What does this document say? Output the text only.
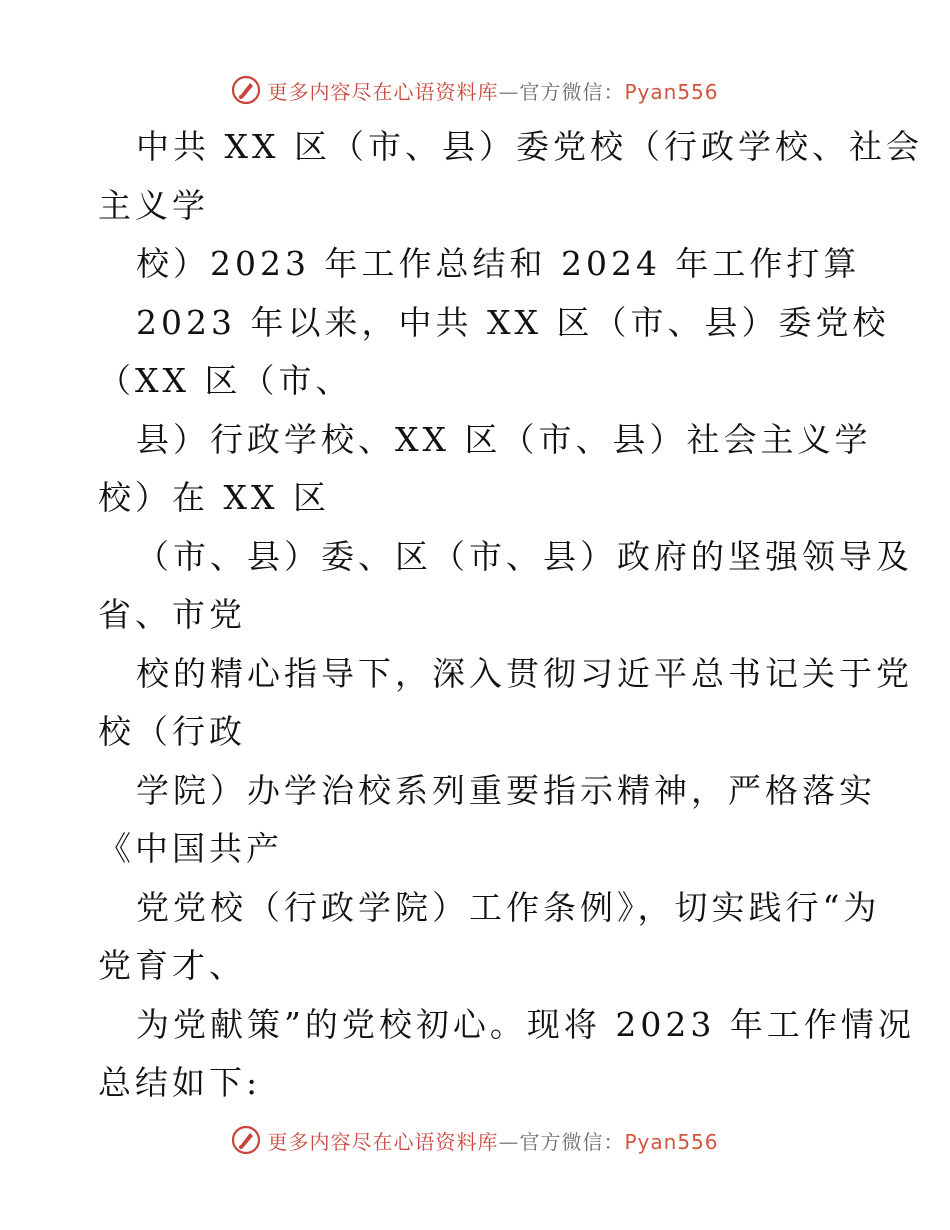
更多内容尽在心语资料库—官方微信：Pyan556
中共 XX 区（市、县）委党校（行政学校、社会
主义学
校）2023 年工作总结和 2024 年工作打算
2023 年以来，中共 XX 区（市、县）委党校
（XX 区（市、
县）行政学校、XX 区（市、县）社会主义学
校）在 XX 区
（市、县）委、区（市、县）政府的坚强领导及
省、市党
校的精心指导下，深入贯彻习近平总书记关于党
校（行政
学院）办学治校系列重要指示精神，严格落实
《中国共产
党党校（行政学院）工作条例》，切实践行“为
党育才、
为党献策”的党校初心。现将 2023 年工作情况
总结如下:
更多内容尽在心语资料库—官方微信：Pyan556
